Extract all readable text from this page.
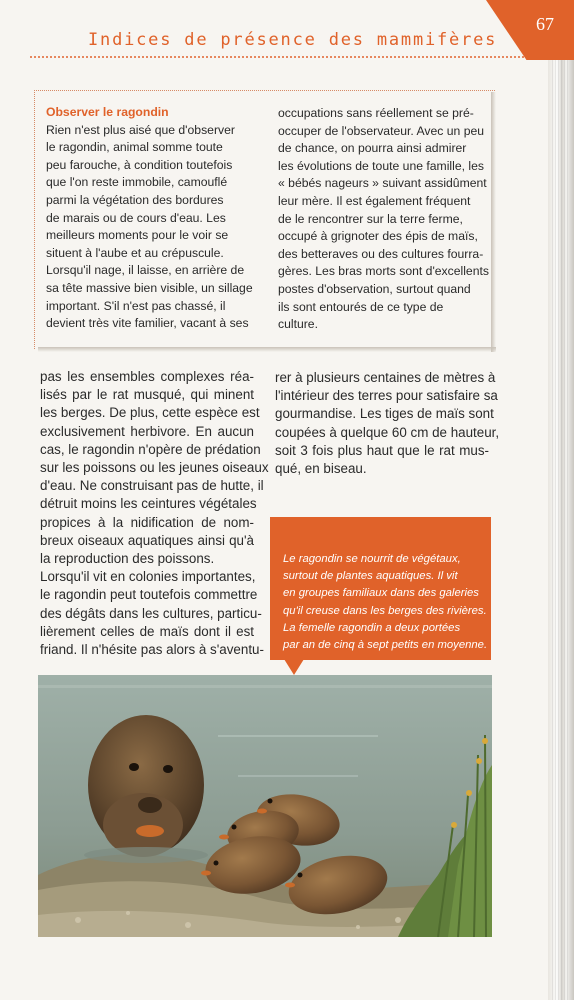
67
Indices de présence des mammifères
Observer le ragondin
Rien n'est plus aisé que d'observer
le ragondin, animal somme toute
peu farouche, à condition toutefois
que l'on reste immobile, camouflé
parmi la végétation des bordures
de marais ou de cours d'eau. Les
meilleurs moments pour le voir se
situent à l'aube et au crépuscule.
Lorsqu'il nage, il laisse, en arrière de
sa tête massive bien visible, un sillage
important. S'il n'est pas chassé, il
devient très vite familier, vacant à ses
occupations sans réellement se pré-
occuper de l'observateur. Avec un peu
de chance, on pourra ainsi admirer
les évolutions de toute une famille, les
« bébés nageurs » suivant assidûment
leur mère. Il est également fréquent
de le rencontrer sur la terre ferme,
occupé à grignoter des épis de maïs,
des betteraves ou des cultures fourra-
gères. Les bras morts sont d'excellents
postes d'observation, surtout quand
ils sont entourés de ce type de
culture.
pas les ensembles complexes réa-
lisés par le rat musqué, qui minent
les berges. De plus, cette espèce est
exclusivement herbivore. En aucun
cas, le ragondin n'opère de prédation
sur les poissons ou les jeunes oiseaux
d'eau. Ne construisant pas de hutte, il
détruit moins les ceintures végétales
propices à la nidification de nom-
breux oiseaux aquatiques ainsi qu'à
la reproduction des poissons.
Lorsqu'il vit en colonies importantes,
le ragondin peut toutefois commettre
des dégâts dans les cultures, particu-
lièrement celles de maïs dont il est
friand. Il n'hésite pas alors à s'aventu-
rer à plusieurs centaines de mètres à
l'intérieur des terres pour satisfaire sa
gourmandise. Les tiges de maïs sont
coupées à quelque 60 cm de hauteur,
soit 3 fois plus haut que le rat mus-
qué, en biseau.
Le ragondin se nourrit de végétaux,
surtout de plantes aquatiques. Il vit
en groupes familiaux dans des galeries
qu'il creuse dans les berges des rivières.
La femelle ragondin a deux portées
par an de cinq à sept petits en moyenne.
